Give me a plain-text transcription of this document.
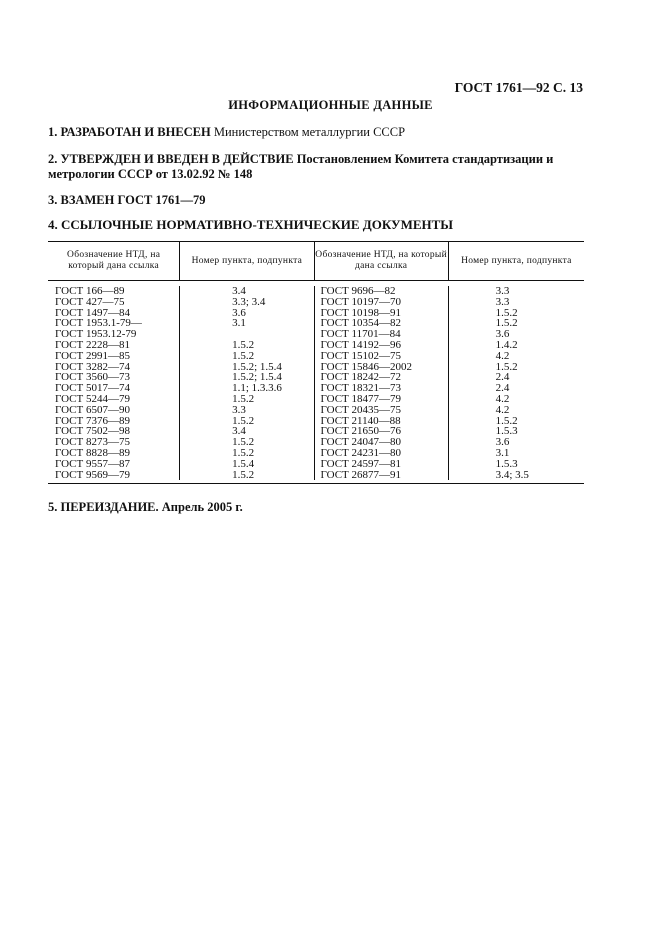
ГОСТ 1761—92 С. 13
ИНФОРМАЦИОННЫЕ ДАННЫЕ
1. РАЗРАБОТАН И ВНЕСЕН Министерством металлургии СССР
2. УТВЕРЖДЕН И ВВЕДЕН В ДЕЙСТВИЕ Постановлением Комитета стандартизации и метрологии СССР от 13.02.92 № 148
3. ВЗАМЕН ГОСТ 1761—79
4. ССЫЛОЧНЫЕ НОРМАТИВНО-ТЕХНИЧЕСКИЕ ДОКУМЕНТЫ
Обозначение НТД, на который дана ссылка
Номер пункта, подпункта
Обозначение НТД, на который дана ссылка
Номер пункта, подпункта
ГОСТ 166—89
ГОСТ 427—75
ГОСТ 1497—84
ГОСТ 1953.1-79—
ГОСТ 1953.12-79
ГОСТ 2228—81
ГОСТ 2991—85
ГОСТ 3282—74
ГОСТ 3560—73
ГОСТ 5017—74
ГОСТ 5244—79
ГОСТ 6507—90
ГОСТ 7376—89
ГОСТ 7502—98
ГОСТ 8273—75
ГОСТ 8828—89
ГОСТ 9557—87
ГОСТ 9569—79
3.4
3.3; 3.4
3.6
3.1
1.5.2
1.5.2
1.5.2; 1.5.4
1.5.2; 1.5.4
1.1; 1.3.3.6
1.5.2
3.3
1.5.2
3.4
1.5.2
1.5.2
1.5.4
1.5.2
ГОСТ 9696—82
ГОСТ 10197—70
ГОСТ 10198—91
ГОСТ 10354—82
ГОСТ 11701—84
ГОСТ 14192—96
ГОСТ 15102—75
ГОСТ 15846—2002
ГОСТ 18242—72
ГОСТ 18321—73
ГОСТ 18477—79
ГОСТ 20435—75
ГОСТ 21140—88
ГОСТ 21650—76
ГОСТ 24047—80
ГОСТ 24231—80
ГОСТ 24597—81
ГОСТ 26877—91
3.3
3.3
1.5.2
1.5.2
3.6
1.4.2
4.2
1.5.2
2.4
2.4
4.2
4.2
1.5.2
1.5.3
3.6
3.1
1.5.3
3.4; 3.5
5. ПЕРЕИЗДАНИЕ. Апрель 2005 г.
